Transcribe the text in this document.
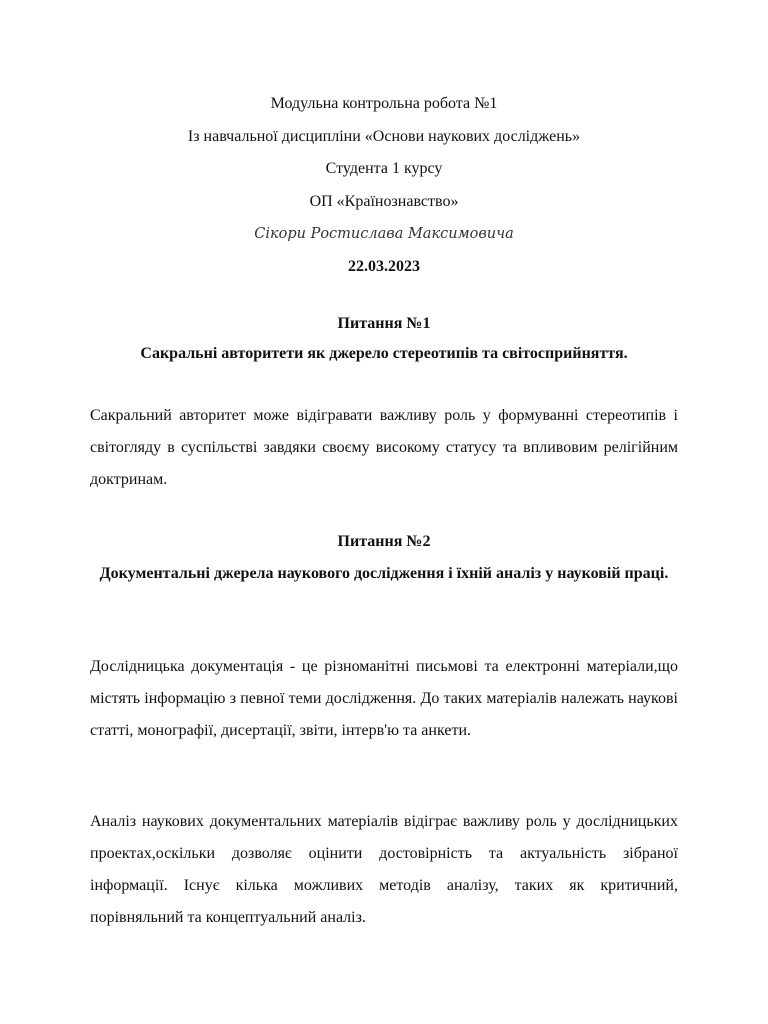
Модульна контрольна робота №1
Із навчальної дисципліни «Основи наукових досліджень»
Студента 1 курсу
ОП «Країнознавство»
Сікори Ростислава Максимовича
22.03.2023
Питання №1
Сакральні авторитети як джерело стереотипів та світосприйняття.
Сакральний авторитет може відігравати важливу роль у формуванні стереотипів і світогляду в суспільстві завдяки своєму високому статусу та впливовим релігійним доктринам.
Питання №2
Документальні джерела наукового дослідження і їхній аналіз у науковій праці.
Дослідницька документація - це різноманітні письмові та електронні матеріали,що містять інформацію з певної теми дослідження. До таких матеріалів належать наукові статті, монографії, дисертації, звіти, інтерв'ю та анкети.
Аналіз наукових документальних матеріалів відіграє важливу роль у дослідницьких проектах,оскільки дозволяє оцінити достовірність та актуальність зібраної інформації. Існує кілька можливих методів аналізу, таких як критичний, порівняльний та концептуальний аналіз.
